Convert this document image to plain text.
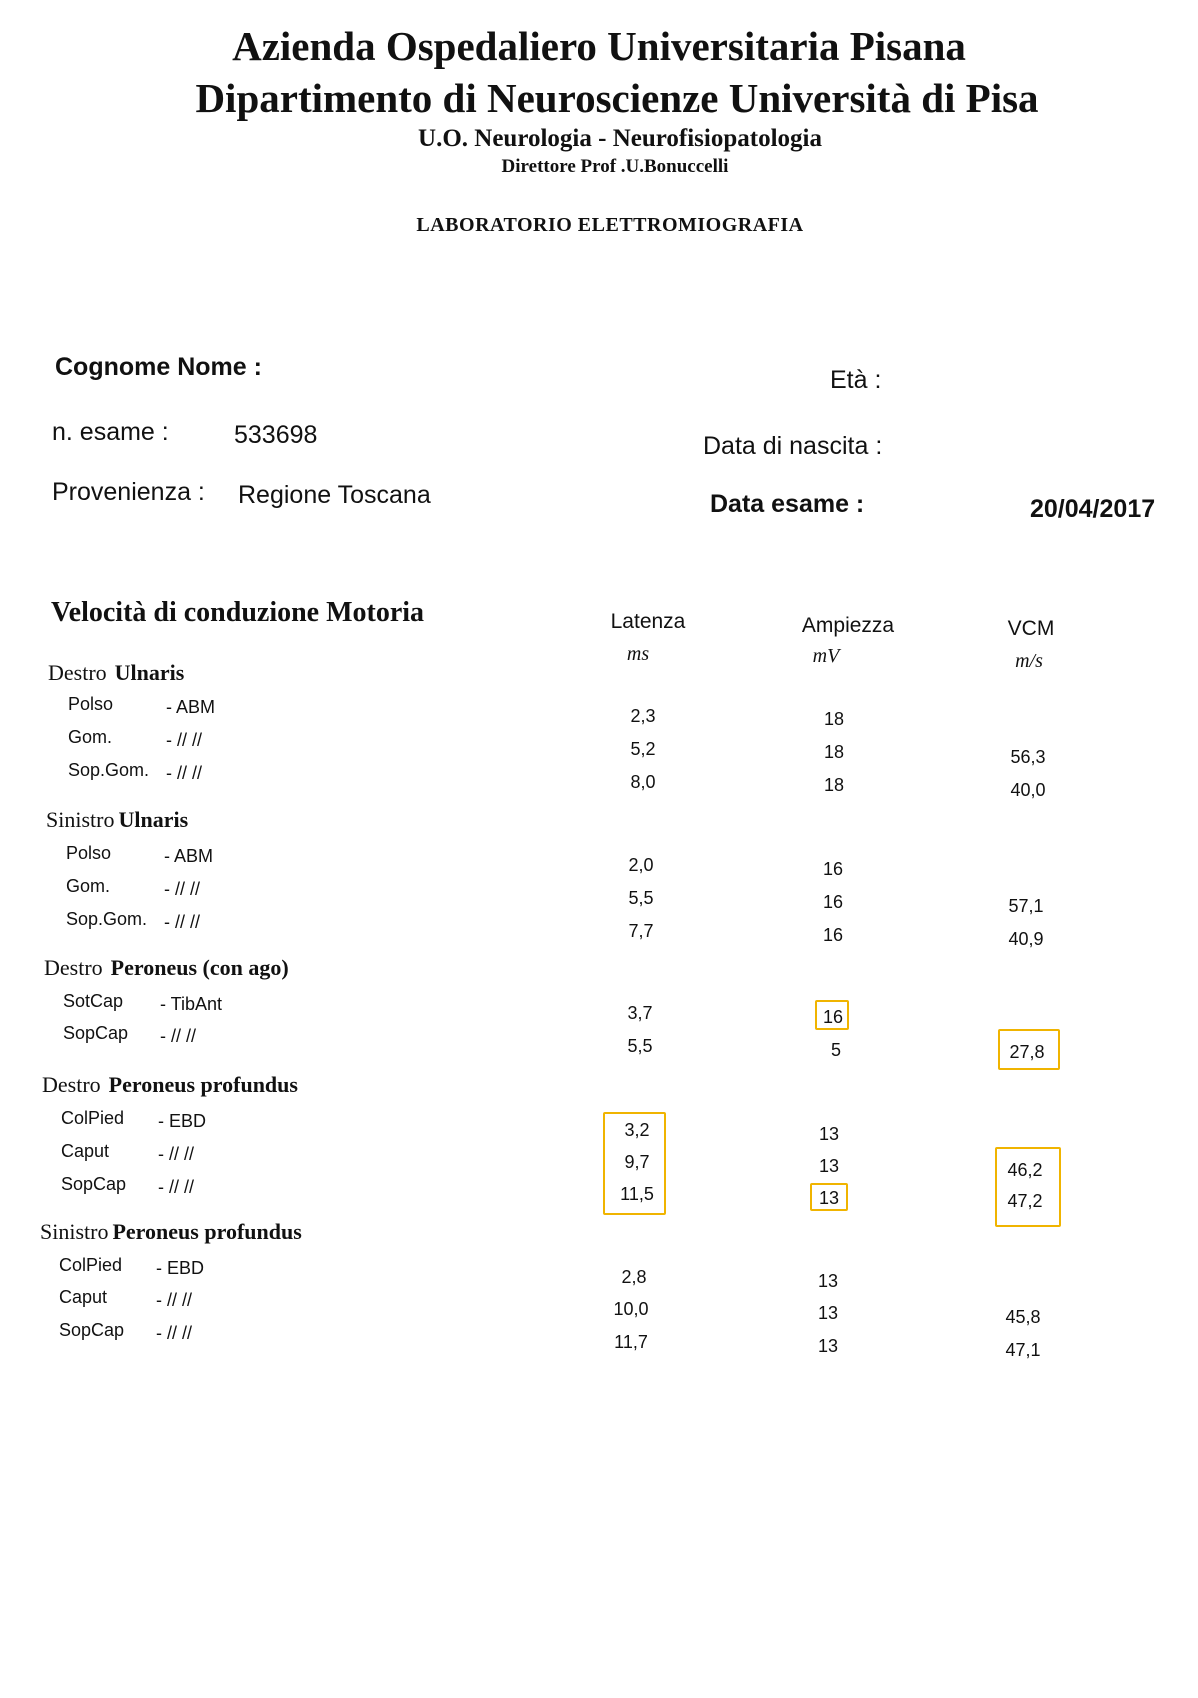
Azienda Ospedaliero Universitaria Pisana
Dipartimento di Neuroscienze Università di Pisa
U.O. Neurologia - Neurofisiopatologia
Direttore Prof .U.Bonuccelli
LABORATORIO ELETTROMIOGRAFIA
Cognome Nome :	Età :
n. esame :	533698	Data di nascita :
Provenienza : Regione Toscana	Data esame :	20/04/2017
Velocità di conduzione Motoria	Latenza
ms
Ampiezza
mV
VCM
m/s
Destro Ulnaris
Polso	- ABM	2,3	18
Gom.	- // //	5,2	18	56,3
Sop.Gom. - // //	8,0	18	40,0
Sinistro Ulnaris
Polso	- ABM	2,0	16
Gom.	- // //	5,5	16	57,1
Sop.Gom. - // //	7,7	16	40,9
Destro Peroneus (con ago)
SotCap - TibAnt	3,7	16
SopCap - // //	5,5	5	27,8
Destro Peroneus profundus
ColPied - EBD	3,2	13
Caput	- // //	9,7	13	46,2
SopCap - // //	11,5	13	47,2
Sinistro Peroneus profundus
ColPied - EBD	2,8	13
Caput	- // //	10,0	13	45,8
SopCap - // //	11,7	13	47,1
